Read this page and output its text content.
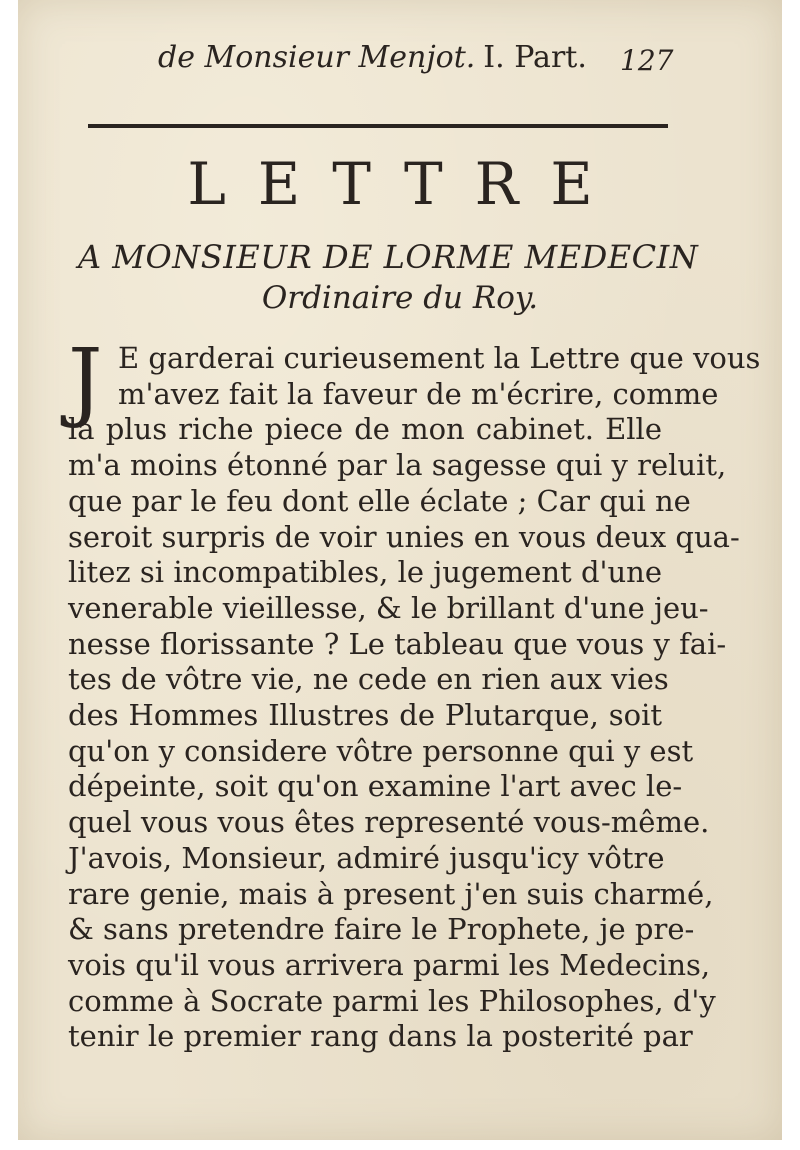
de Monsieur Menjot. I. Part. 127
LETTRE
A MONSIEUR DE LORME MEDECIN
Ordinaire du Roy.
J E garderai curieusement la Lettre que vous
m'avez fait la faveur de m'écrire, comme
la plus riche piece de mon cabinet. Elle
m'a moins étonné par la sagesse qui y reluit,
que par le feu dont elle éclate ; Car qui ne
seroit surpris de voir unies en vous deux qua-
litez si incompatibles, le jugement d'une
venerable vieillesse, & le brillant d'une jeu-
nesse florissante ? Le tableau que vous y fai-
tes de vôtre vie, ne cede en rien aux vies
des Hommes Illustres de Plutarque, soit
qu'on y considere vôtre personne qui y est
dépeinte, soit qu'on examine l'art avec le-
quel vous vous êtes representé vous-même.
J'avois, Monsieur, admiré jusqu'icy vôtre
rare genie, mais à present j'en suis charmé,
& sans pretendre faire le Prophete, je pre-
vois qu'il vous arrivera parmi les Medecins,
comme à Socrate parmi les Philosophes, d'y
tenir le premier rang dans la posterité par
